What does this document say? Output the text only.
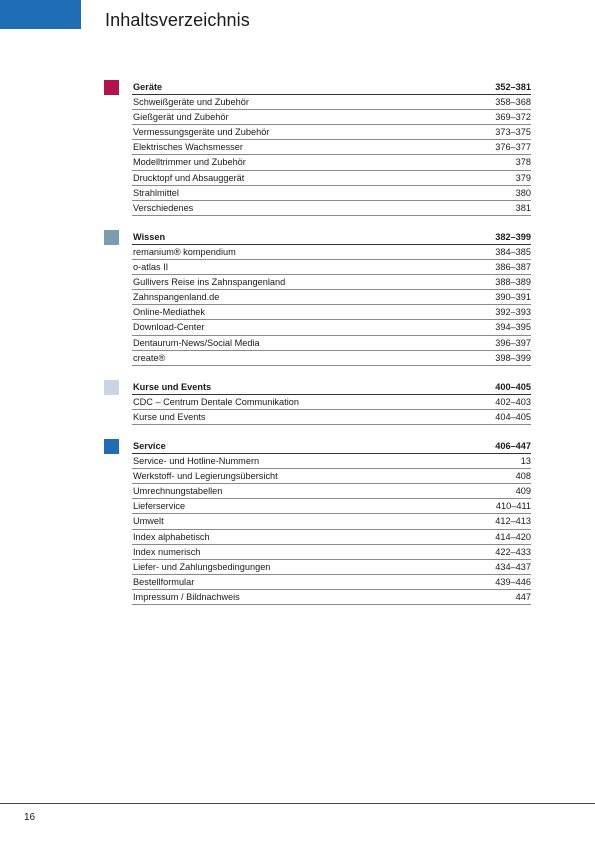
Inhaltsverzeichnis
Geräte	352–381
Schweißgeräte und Zubehör	358–368
Gießgerät und Zubehör	369–372
Vermessungsgeräte und Zubehör	373–375
Elektrisches Wachsmesser	376–377
Modelltrimmer und Zubehör	378
Drucktopf und Absauggerät	379
Strahlmittel	380
Verschiedenes	381
Wissen	382–399
remanium® kompendium	384–385
o-atlas II	386–387
Gullivers Reise ins Zahnspangenland	388–389
Zahnspangenland.de	390–391
Online-Mediathek	392–393
Download-Center	394–395
Dentaurum-News/Social Media	396–397
create®	398–399
Kurse und Events	400–405
CDC – Centrum Dentale Communikation	402–403
Kurse und Events	404–405
Service	406–447
Service- und Hotline-Nummern	13
Werkstoff- und Legierungsübersicht	408
Umrechnungstabellen	409
Lieferservice	410–411
Umwelt	412–413
Index alphabetisch	414–420
Index numerisch	422–433
Liefer- und Zahlungsbedingungen	434–437
Bestellformular	439–446
Impressum / Bildnachweis	447
16
